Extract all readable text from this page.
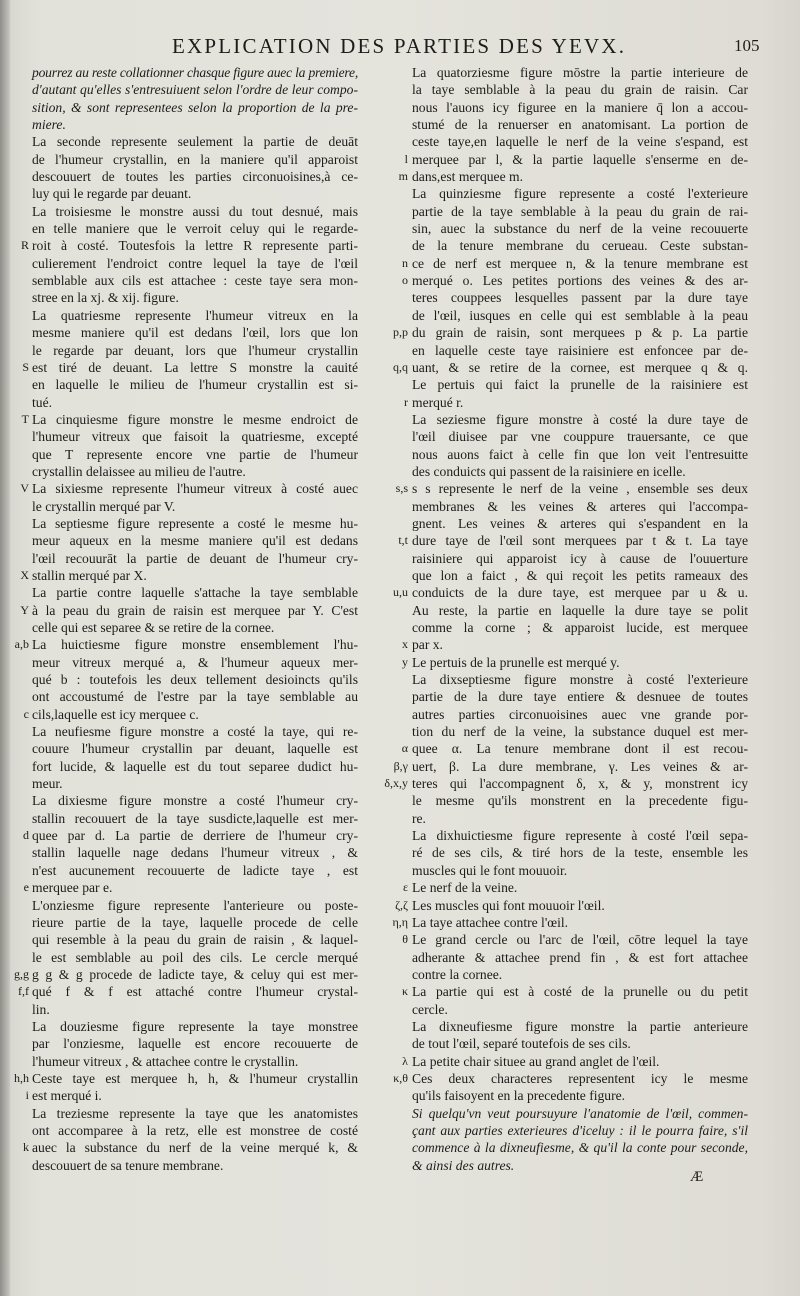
EXPLICATION DES PARTIES DES YEVX.	105
pourrez au reste collationner chasque figure auec la premiere,
d'autant qu'elles s'entresuiuent selon l'ordre de leur compo-
sition, & sont representees selon la proportion de la pre-
miere.
La seconde represente seulement la partie de deuāt
de l'humeur crystallin, en la maniere qu'il apparoist
descouuert de toutes les parties circonuoisines,à ce-
luy qui le regarde par deuant.
La troisiesme le monstre aussi du tout desnué, mais
en telle maniere que le verroit celuy qui le regarde-
roit à costé. Toutesfois la lettre R represente parti-
R
culierement l'endroict contre lequel la taye de l'œil
semblable aux cils est attachee : ceste taye sera mon-
stree en la xj. & xij. figure.
La quatriesme represente l'humeur vitreux en la
mesme maniere qu'il est dedans l'œil, lors que lon
le regarde par deuant, lors que l'humeur crystallin
est tiré de deuant. La lettre S monstre la cauité
S
en laquelle le milieu de l'humeur crystallin est si-
tué.
La cinquiesme figure monstre le mesme endroict de
T
l'humeur vitreux que faisoit la quatriesme, excepté
que T represente encore vne partie de l'humeur
crystallin delaissee au milieu de l'autre.
La sixiesme represente l'humeur vitreux à costé auec
V
le crystallin merqué par V.
La septiesme figure represente a costé le mesme hu-
meur aqueux en la mesme maniere qu'il est dedans
l'œil recouurāt la partie de deuant de l'humeur cry-
stallin merqué par X.
X
La partie contre laquelle s'attache la taye semblable
à la peau du grain de raisin est merquee par Y. C'est
Y
celle qui est separee & se retire de la cornee.
La huictiesme figure monstre ensemblement l'hu-
a,b
meur vitreux merqué a, & l'humeur aqueux mer-
qué b : toutefois les deux tellement desioincts qu'ils
ont accoustumé de l'estre par la taye semblable au
cils,laquelle est icy merquee c.
c
La neufiesme figure monstre a costé la taye, qui re-
couure l'humeur crystallin par deuant, laquelle est
fort lucide, & laquelle est du tout separee dudict hu-
meur.
La dixiesme figure monstre a costé l'humeur cry-
stallin recouuert de la taye susdicte,laquelle est mer-
quee par d. La partie de derriere de l'humeur cry-
d
stallin laquelle nage dedans l'humeur vitreux , &
n'est aucunement recouuerte de ladicte taye , est
merquee par e.
e
L'onziesme figure represente l'anterieure ou poste-
rieure partie de la taye, laquelle procede de celle
qui resemble à la peau du grain de raisin , & laquel-
le est semblable au poil des cils. Le cercle merqué
g g & g procede de ladicte taye, & celuy qui est mer-
g,g
qué f & f est attaché contre l'humeur crystal-
f,f
lin.
La douziesme figure represente la taye monstree
par l'onziesme, laquelle est encore recouuerte de
l'humeur vitreux , & attachee contre le crystallin.
Ceste taye est merquee h, h, & l'humeur crystallin
h,h
est merqué i.
i
La treziesme represente la taye que les anatomistes
ont accomparee à la retz, elle est monstree de costé
auec la substance du nerf de la veine merqué k, &
k
descouuert de sa tenure membrane.
La quatorziesme figure mōstre la partie interieure de
la taye semblable à la peau du grain de raisin. Car
nous l'auons icy figuree en la maniere q̄ lon a accou-
stumé de la renuerser en anatomisant. La portion de
ceste taye,en laquelle le nerf de la veine s'espand, est
merquee par l, & la partie laquelle s'enserme en de-
l
dans,est merquee m.
m
La quinziesme figure represente a costé l'exterieure
partie de la taye semblable à la peau du grain de rai-
sin, auec la substance du nerf de la veine recouuerte
de la tenure membrane du cerueau. Ceste substan-
ce de nerf est merquee n, & la tenure membrane est
n
merqué o. Les petites portions des veines & des ar-
o
teres couppees lesquelles passent par la dure taye
de l'œil, iusques en celle qui est semblable à la peau
du grain de raisin, sont merquees p & p. La partie
p,p
en laquelle ceste taye raisiniere est enfoncee par de-
uant, & se retire de la cornee, est merquee q & q.
q,q
Le pertuis qui faict la prunelle de la raisiniere est
merqué r.
r
La seziesme figure monstre à costé la dure taye de
l'œil diuisee par vne couppure trauersante, ce que
nous auons faict à celle fin que lon veit l'entresuitte
des conduicts qui passent de la raisiniere en icelle.
s s represente le nerf de la veine , ensemble ses deux
s,s
membranes & les veines & arteres qui l'accompa-
gnent. Les veines & arteres qui s'espandent en la
dure taye de l'œil sont merquees par t & t. La taye
t,t
raisiniere qui apparoist icy à cause de l'ouuerture
que lon a faict , & qui reçoit les petits rameaux des
conduicts de la dure taye, est merquee par u & u.
u,u
Au reste, la partie en laquelle la dure taye se polit
comme la corne ; & apparoist lucide, est merquee
par x.
x
Le pertuis de la prunelle est merqué y.
y
La dixseptiesme figure monstre à costé l'exterieure
partie de la dure taye entiere & desnuee de toutes
autres parties circonuoisines auec vne grande por-
tion du nerf de la veine, la substance duquel est mer-
quee α. La tenure membrane dont il est recou-
α
uert, β. La dure membrane, γ. Les veines & ar-
β,γ
teres qui l'accompagnent δ, x, & y, monstrent icy
δ,x,y
le mesme qu'ils monstrent en la precedente figu-
re.
La dixhuictiesme figure represente à costé l'œil sepa-
ré de ses cils, & tiré hors de la teste, ensemble les
muscles qui le font mouuoir.
Le nerf de la veine.
ε
Les muscles qui font mouuoir l'œil.
ζ,ζ
La taye attachee contre l'œil.
η,η
Le grand cercle ou l'arc de l'œil, cōtre lequel la taye
θ
adherante & attachee prend fin , & est fort attachee
contre la cornee.
La partie qui est à costé de la prunelle ou du petit
κ
cercle.
La dixneufiesme figure monstre la partie anterieure
de tout l'œil, separé toutefois de ses cils.
La petite chair situee au grand anglet de l'œil.
λ
Ces deux characteres representent icy le mesme
κ,θ
qu'ils faisoyent en la precedente figure.
Si quelqu'vn veut poursuyure l'anatomie de l'œil, commen-
çant aux parties exterieures d'iceluy : il le pourra faire, s'il
commence à la dixneufiesme, & qu'il la conte pour seconde,
& ainsi des autres.
Æ
